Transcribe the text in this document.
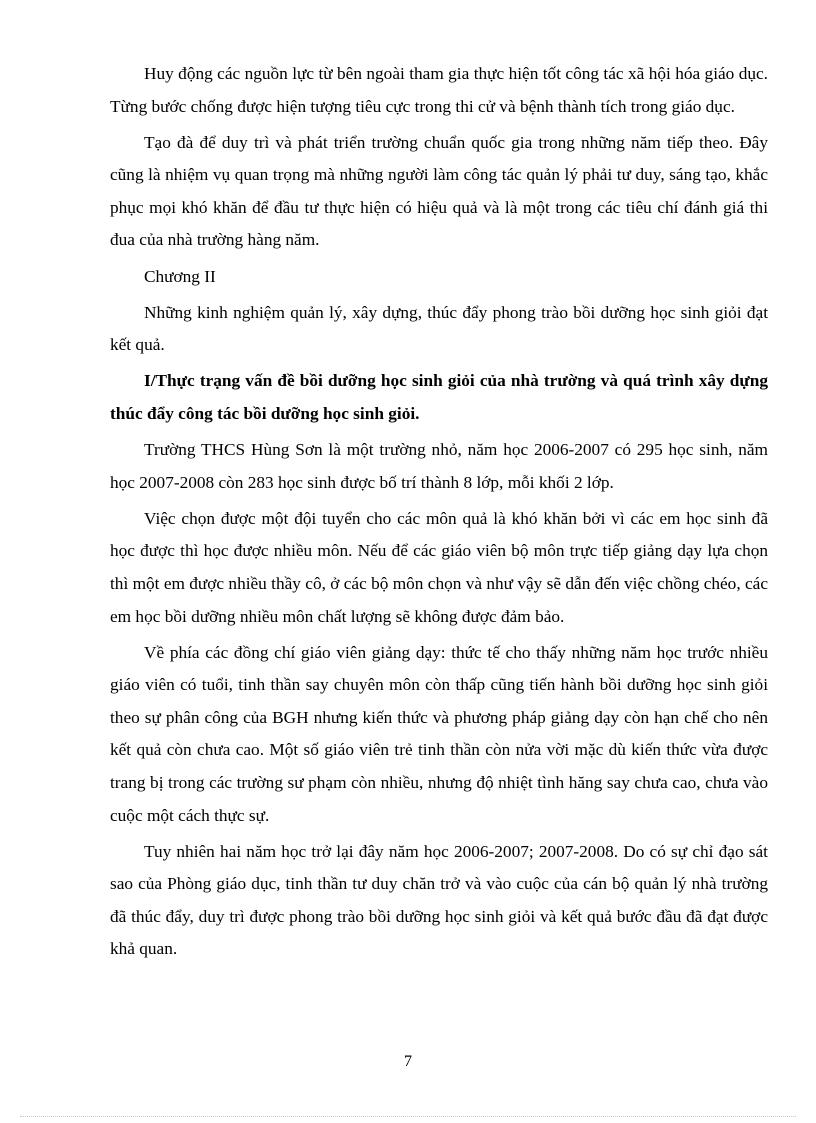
Huy động các nguồn lực từ bên ngoài tham gia thực hiện tốt công tác xã hội hóa giáo dục. Từng bước chống được hiện tượng tiêu cực trong thi cử và bệnh thành tích trong giáo dục.

Tạo đà để duy trì và phát triển trường chuẩn quốc gia trong những năm tiếp theo. Đây cũng là nhiệm vụ quan trọng mà những người làm công tác quản lý phải tư duy, sáng tạo, khắc phục mọi khó khăn để đầu tư thực hiện có hiệu quả và là một trong các tiêu chí đánh giá thi đua của nhà trường hàng năm.

Chương II

Những kinh nghiệm quản lý, xây dựng, thúc đẩy phong trào bồi dưỡng học sinh giỏi đạt kết quả.

I/Thực trạng vấn đề bồi dưỡng học sinh giỏi của nhà trường và quá trình xây dựng thúc đẩy công tác bồi dưỡng học sinh giỏi.

Trường THCS Hùng Sơn là một trường nhỏ, năm học 2006-2007 có 295 học sinh, năm học 2007-2008 còn 283 học sinh được bố trí thành 8 lớp, mỗi khối 2 lớp.

Việc chọn được một đội tuyển cho các môn quả là khó khăn bởi vì các em học sinh đã học được thì học được nhiều môn. Nếu để các giáo viên bộ môn trực tiếp giảng dạy lựa chọn thì một em được nhiều thầy cô, ở các bộ môn chọn và như vậy sẽ dẫn đến việc chồng chéo, các em học bồi dưỡng nhiều môn chất lượng sẽ không được đảm bảo.

Về phía các đồng chí giáo viên giảng dạy: thức tế cho thấy những năm học trước nhiều giáo viên có tuổi, tinh thần say chuyên môn còn thấp cũng tiến hành bồi dưỡng học sinh giỏi theo sự phân công của BGH nhưng kiến thức và phương pháp giảng dạy còn hạn chế cho nên kết quả còn chưa cao. Một số giáo viên trẻ tinh thần còn nửa vời mặc dù kiến thức vừa được trang bị trong các trường sư phạm còn nhiều, nhưng độ nhiệt tình hăng say chưa cao, chưa vào cuộc một cách thực sự.

Tuy nhiên hai năm học trở lại đây năm học 2006-2007; 2007-2008. Do có sự chỉ đạo sát sao của Phòng giáo dục, tinh thần tư duy chăn trở và vào cuộc của cán bộ quản lý nhà trường đã thúc đẩy, duy trì được phong trào bồi dưỡng học sinh giỏi và kết quả bước đầu đã đạt được khả quan.

7
